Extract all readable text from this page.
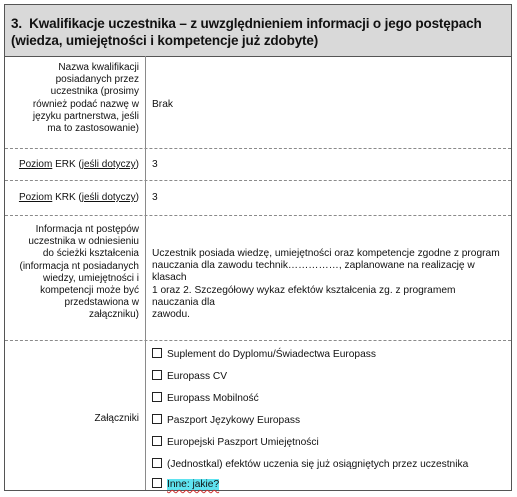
3. Kwalifikacje uczestnika – z uwzględnieniem informacji o jego postępach
(wiedza, umiejętności i kompetencje już zdobyte)
Nazwa kwalifikacji
posiadanych przez
uczestnika (prosimy
również podać nazwę w
języku partnerstwa, jeśli
ma to zastosowanie)
Brak
Poziom ERK (jeśli dotyczy)	3
Poziom KRK (jeśli dotyczy)	3
Informacja nt postępów
uczestnika w odniesieniu
do ścieżki kształcenia
(informacja nt posiadanych
wiedzy, umiejętności i
kompetencji może być
przedstawiona w
załączniku)
Uczestnik posiada wiedzę, umiejętności oraz kompetencje zgodne z program
nauczania dla zawodu technik……………, zaplanowane na realizację w klasach
1 oraz 2. Szczegółowy wykaz efektów kształcenia zg. z programem nauczania dla
zawodu.
Załączniki
Suplement do Dyplomu/Świadectwa Europass
Europass CV
Europass Mobilność
Paszport Językowy Europass
Europejski Paszport Umiejętności
(Jednostkal) efektów uczenia się już osiągniętych przez uczestnika
Inne: jakie?
